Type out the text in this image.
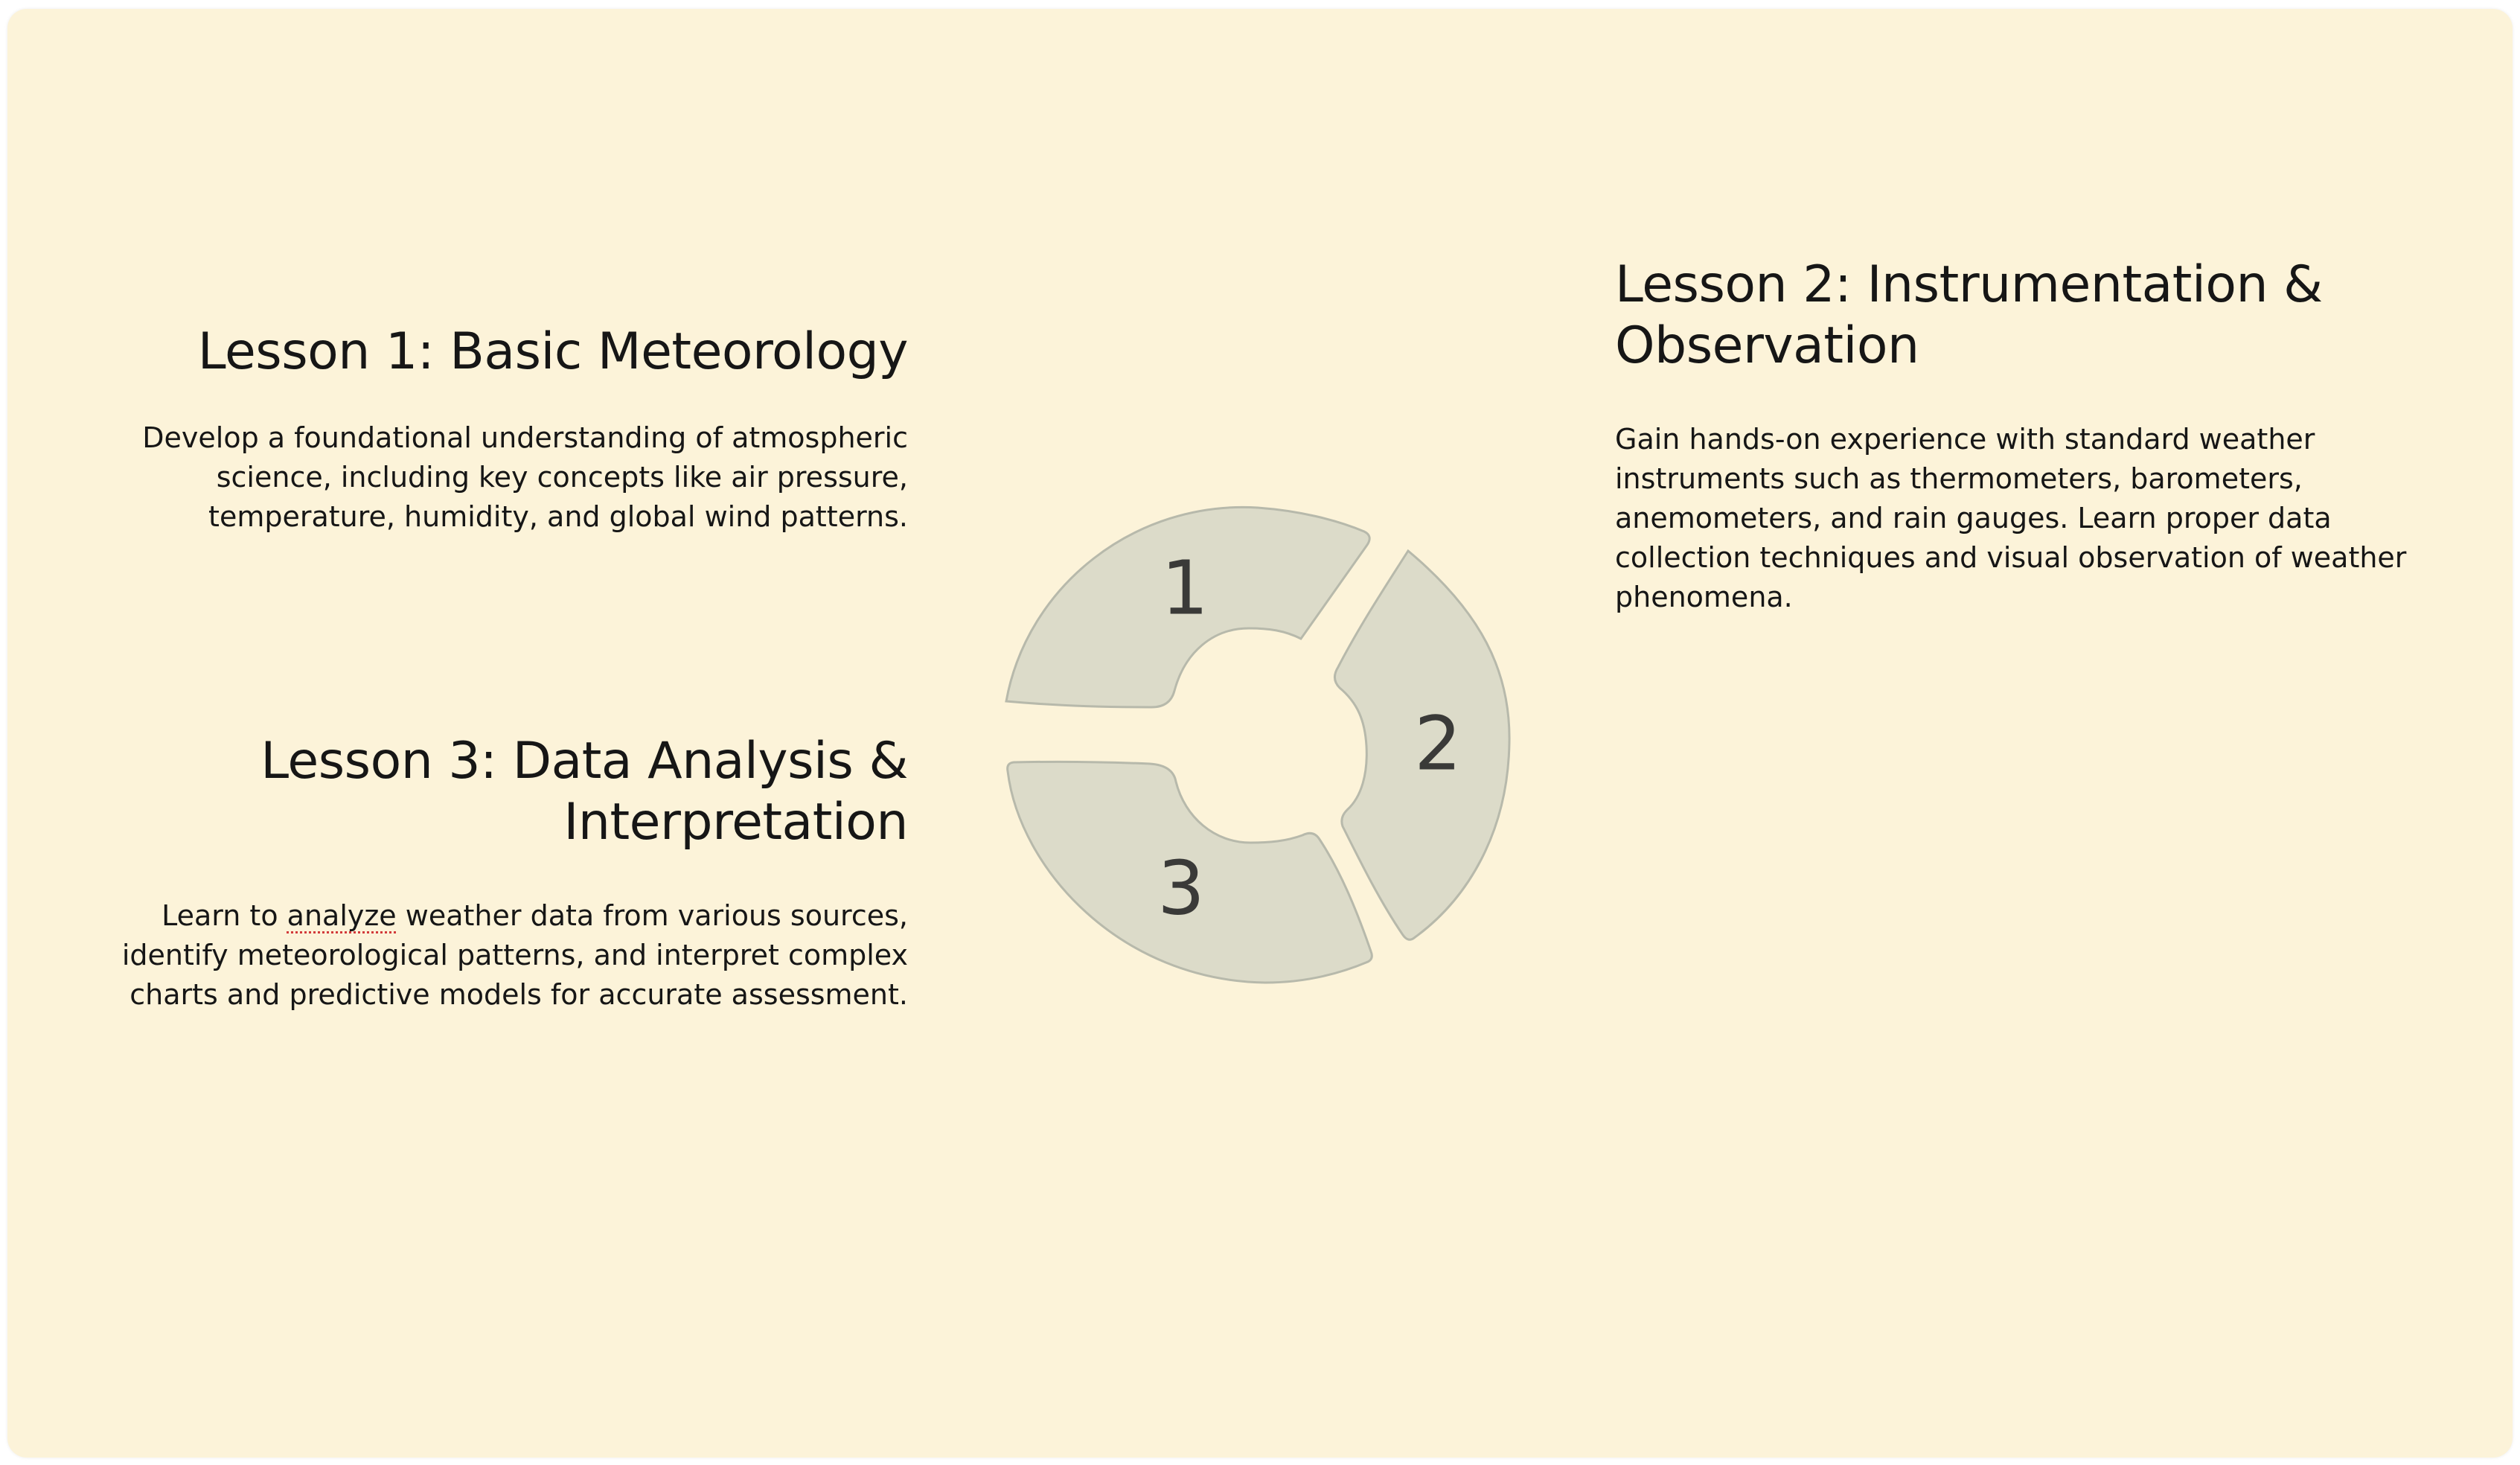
Lesson 1: Basic Meteorology

Develop a foundational understanding of atmospheric science, including key concepts like air pressure, temperature, humidity, and global wind patterns.

Lesson 2: Instrumentation & Observation

Gain hands-on experience with standard weather instruments such as thermometers, barometers, anemometers, and rain gauges. Learn proper data collection techniques and visual observation of weather phenomena.

Lesson 3: Data Analysis & Interpretation

Learn to analyze weather data from various sources, identify meteorological patterns, and interpret complex charts and predictive models for accurate assessment.

1
2
3
